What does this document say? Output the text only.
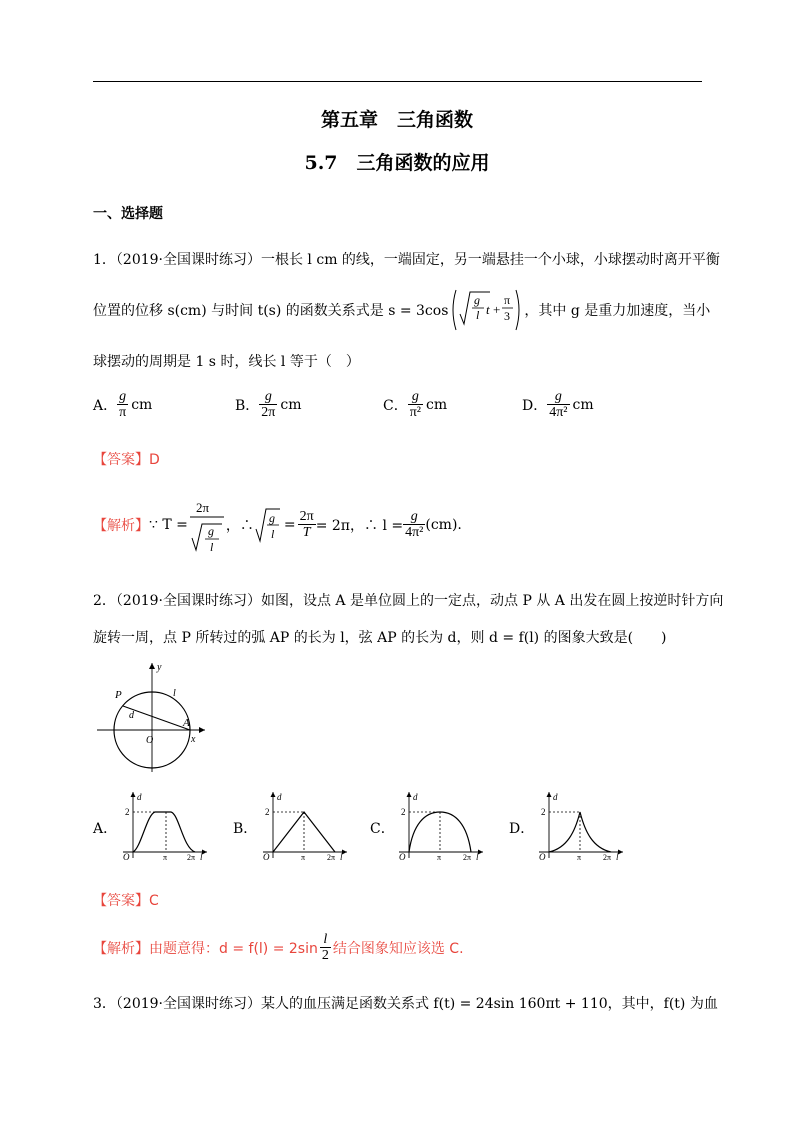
第五章　三角函数
5.7　三角函数的应用
一、选择题
1．（2019·全国课时练习）一根长 l cm 的线，一端固定，另一端悬挂一个小球，小球摆动时离开平衡
位置的位移 s(cm) 与时间 t(s) 的函数关系式是 s = 3cos
g
l t +
π
3 ，其中 g 是重力加速度，当小
球摆动的周期是 1 s 时，线长 l 等于（　）
A． $\frac{g}{\pi}$ cm	B． $\frac{g}{2\pi}$ cm	C． $\frac{g}{\text{π²}}$ cm	D． $\frac{g}{\text{4π²}}$ cm
【答案】D
【解析】 ∵ T =
2π
g
l
，∴ g
l
= $\frac{2\pi}{T} = 2\pi$，∴ $l = \frac{g}{\text{4π²}} (cm)$.
2．（2019·全国课时练习）如图，设点 A 是单位圆上的一定点，动点 P 从 A 出发在圆上按逆时针方向
旋转一周，点 P 所转过的弧 AP 的长为 l，弦 AP 的长为 d，则 d = f(l) 的图象大致是(　　)
y
x
P	l
d
O
A
A．
d
2
O	π 2π l
B．
d
2
O	π	2π l
C．
d
2
O	π	2π l
D．
d
2
O	π	2π l
【答案】C
【解析】 由题意得：$d = f(l) = 2\sin \frac{l}{2}$ 结合图象知应该选 C.
3．（2019·全国课时练习）某人的血压满足函数关系式 f(t) = 24sin 160πt + 110，其中，f(t) 为血
